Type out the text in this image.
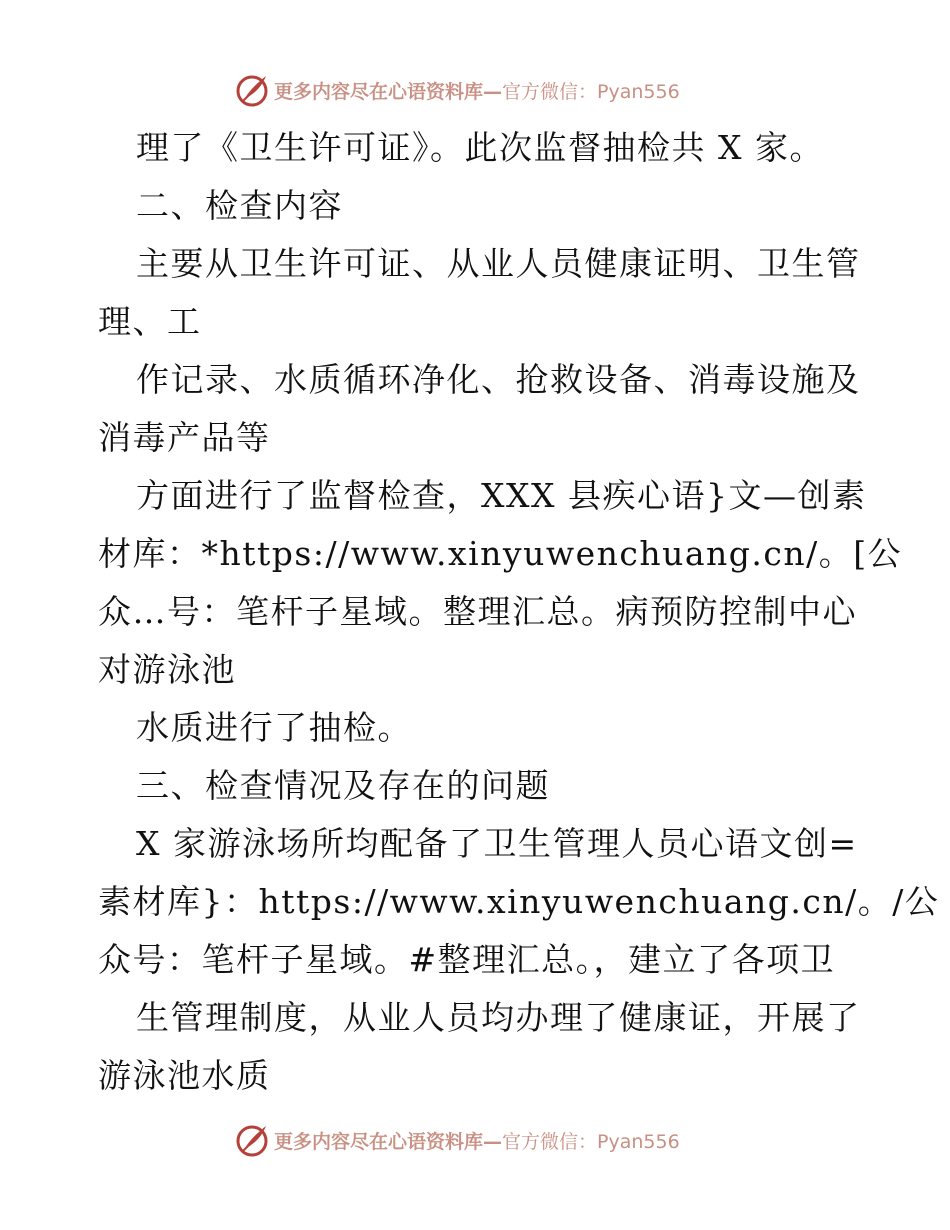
更多内容尽在心语资料库— 官方微信：Pyan556
理了《卫生许可证》。此次监督抽检共 X 家。
二、检查内容
主要从卫生许可证、从业人员健康证明、卫生管
理、工
作记录、水质循环净化、抢救设备、消毒设施及
消毒产品等
方面进行了监督检查，XXX 县疾心语}文—创素
材库：*https://www.xinyuwenchuang.cn/。[公
众…号：笔杆子星域。整理汇总。病预防控制中心
对游泳池
水质进行了抽检。
三、检查情况及存在的问题
X 家游泳场所均配备了卫生管理人员心语文创=
素材库}：https://www.xinyuwenchuang.cn/。/公
众号：笔杆子星域。#整理汇总。，建立了各项卫
生管理制度，从业人员均办理了健康证，开展了
游泳池水质
更多内容尽在心语资料库— 官方微信：Pyan556
